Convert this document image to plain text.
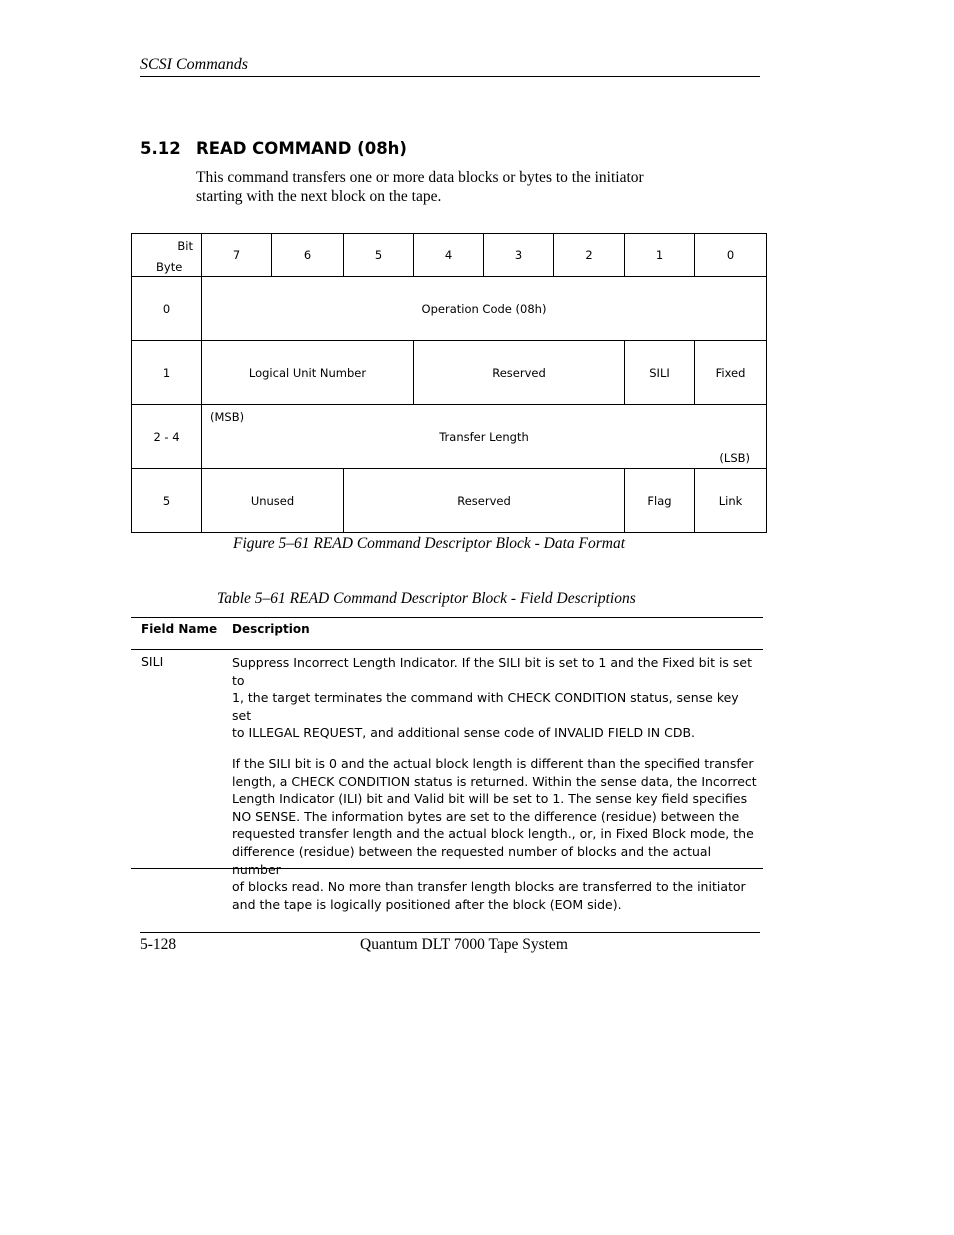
SCSI Commands
5.12 READ COMMAND (08h)
This command transfers one or more data blocks or bytes to the initiator
starting with the next block on the tape.
Bit
Byte	7	6	5	4	3	2	1	0
0	Operation Code (08h)							
1	Logical Unit Number			Reserved			SILI	Fixed
2 - 4	(MSB)
Transfer Length
(LSB)							

5	Unused		Reserved				Flag	Link
Figure 5–61 READ Command Descriptor Block - Data Format
Table 5–61 READ Command Descriptor Block - Field Descriptions
Field Name Description
SILI	Suppress Incorrect Length Indicator. If the SILI bit is set to 1 and the Fixed bit is set to
1, the target terminates the command with CHECK CONDITION status, sense key set
to ILLEGAL REQUEST, and additional sense code of INVALID FIELD IN CDB.

If the SILI bit is 0 and the actual block length is different than the specified transfer
length, a CHECK CONDITION status is returned. Within the sense data, the Incorrect
Length Indicator (ILI) bit and Valid bit will be set to 1. The sense key field specifies
NO SENSE. The information bytes are set to the difference (residue) between the
requested transfer length and the actual block length., or, in Fixed Block mode, the
difference (residue) between the requested number of blocks and the actual number
of blocks read. No more than transfer length blocks are transferred to the initiator
and the tape is logically positioned after the block (EOM side).

5-128	Quantum DLT 7000 Tape System
